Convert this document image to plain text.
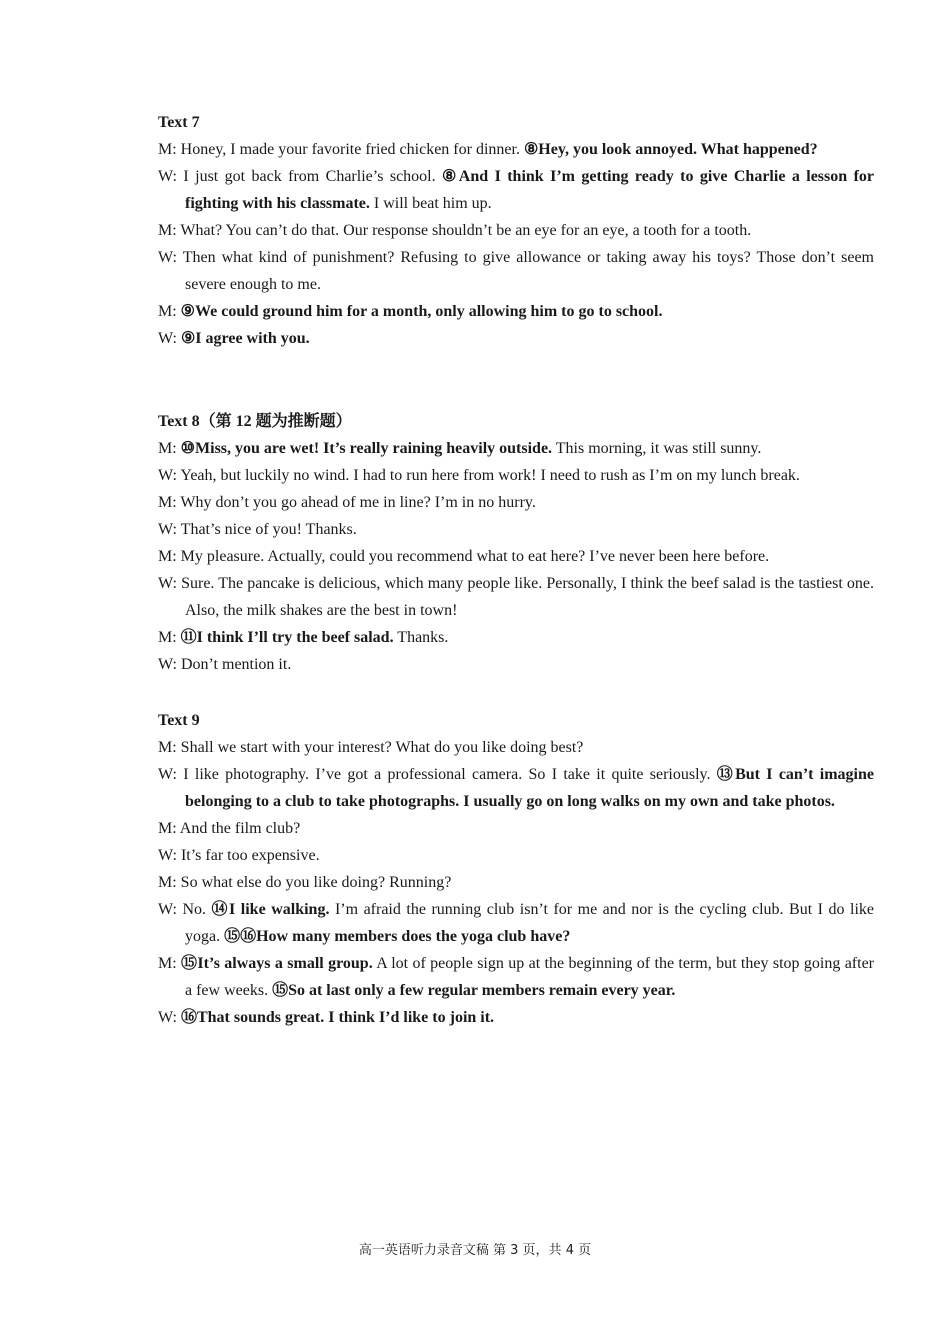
Text 7
M: Honey, I made your favorite fried chicken for dinner. ⑧Hey, you look annoyed. What happened?
W: I just got back from Charlie’s school. ⑧And I think I’m getting ready to give Charlie a lesson for fighting with his classmate. I will beat him up.
M: What? You can’t do that. Our response shouldn’t be an eye for an eye, a tooth for a tooth.
W: Then what kind of punishment? Refusing to give allowance or taking away his toys? Those don’t seem severe enough to me.
M: ⑨We could ground him for a month, only allowing him to go to school.
W: ⑨I agree with you.
Text 8（第 12 题为推断题）
M: ⑩Miss, you are wet! It’s really raining heavily outside. This morning, it was still sunny.
W: Yeah, but luckily no wind. I had to run here from work! I need to rush as I’m on my lunch break.
M: Why don’t you go ahead of me in line? I’m in no hurry.
W: That’s nice of you! Thanks.
M: My pleasure. Actually, could you recommend what to eat here? I’ve never been here before.
W: Sure. The pancake is delicious, which many people like. Personally, I think the beef salad is the tastiest one. Also, the milk shakes are the best in town!
M: ⑪I think I’ll try the beef salad. Thanks.
W: Don’t mention it.
Text 9
M: Shall we start with your interest? What do you like doing best?
W: I like photography. I’ve got a professional camera. So I take it quite seriously. ⑬But I can’t imagine belonging to a club to take photographs. I usually go on long walks on my own and take photos.
M: And the film club?
W: It’s far too expensive.
M: So what else do you like doing? Running?
W: No. ⑭I like walking. I’m afraid the running club isn’t for me and nor is the cycling club. But I do like yoga. ⑮⑯How many members does the yoga club have?
M: ⑮It’s always a small group. A lot of people sign up at the beginning of the term, but they stop going after a few weeks. ⑮So at last only a few regular members remain every year.
W: ⑯That sounds great. I think I’d like to join it.
高一英语听力录音文稿 第 3 页，共 4 页
